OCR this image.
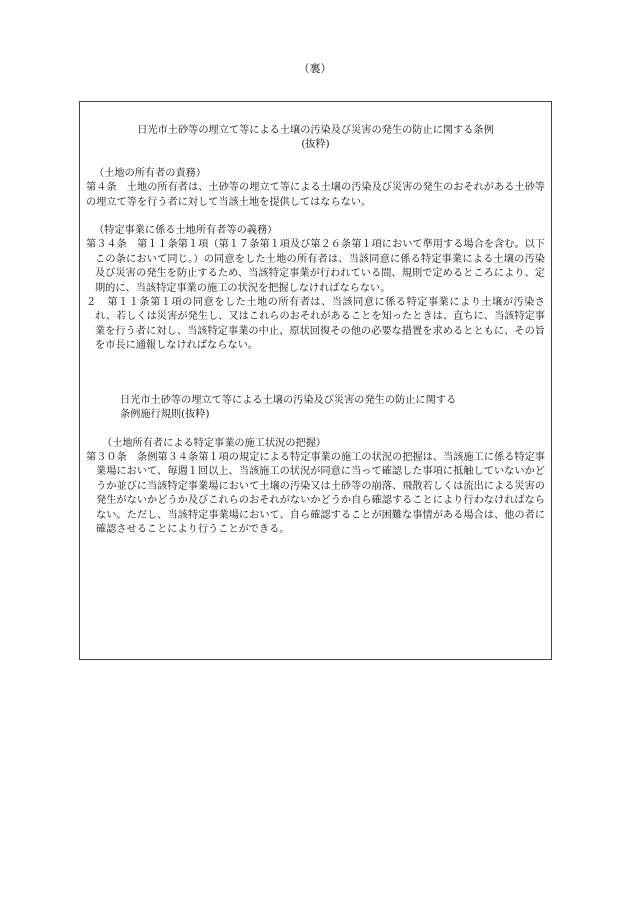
（裏）
日光市土砂等の埋立て等による土壌の汚染及び災害の発生の防止に関する条例
(抜粋)
（土地の所有者の責務）
第４条　土地の所有者は、土砂等の埋立て等による土壌の汚染及び災害の発生のおそれがある土砂等の埋立て等を行う者に対して当該土地を提供してはならない。
（特定事業に係る土地所有者等の義務）
第３４条　第１１条第１項（第１７条第１項及び第２６条第１項において準用する場合を含む。以下この条において同じ。）の同意をした土地の所有者は、当該同意に係る特定事業による土壌の汚染及び災害の発生を防止するため、当該特定事業が行われている間、規則で定めるところにより、定期的に、当該特定事業の施工の状況を把握しなければならない。
２　第１１条第１項の同意をした土地の所有者は、当該同意に係る特定事業により土壌が汚染され、若しくは災害が発生し、又はこれらのおそれがあることを知ったときは、直ちに、当該特定事業を行う者に対し、当該特定事業の中止、原状回復その他の必要な措置を求めるとともに、その旨を市長に通報しなければならない。
日光市土砂等の埋立て等による土壌の汚染及び災害の発生の防止に関する
条例施行規則(抜粋)
（土地所有者による特定事業の施工状況の把握）
第３０条　条例第３４条第１項の規定による特定事業の施工の状況の把握は、当該施工に係る特定事業場において、毎週１回以上、当該施工の状況が同意に当って確認した事項に抵触していないかどうか並びに当該特定事業場において土壌の汚染又は土砂等の崩落、飛散若しくは流出による災害の発生がないかどうか及びこれらのおそれがないかどうか自ら確認することにより行わなければならない。ただし、当該特定事業場において、自ら確認することが困難な事情がある場合は、他の者に確認させることにより行うことができる。
